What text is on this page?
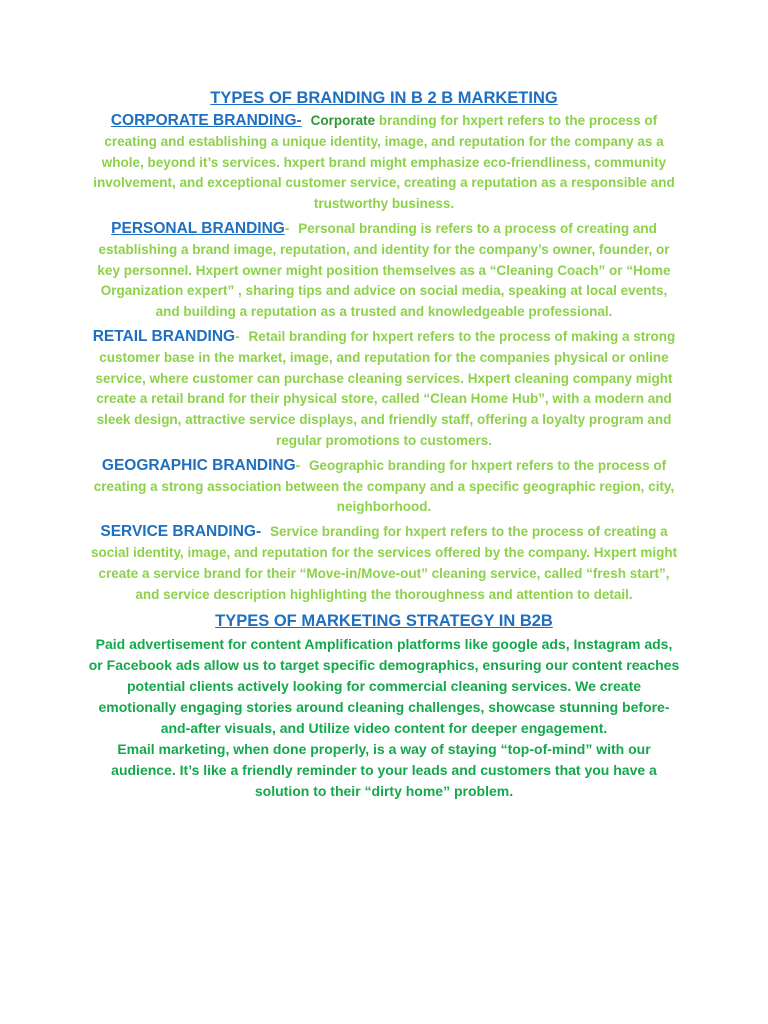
TYPES OF BRANDING IN B 2 B MARKETING
CORPORATE BRANDING- Corporate branding for hxpert refers to the process of creating and establishing a unique identity, image, and reputation for the company as a whole, beyond it’s services. hxpert brand might emphasize eco-friendliness, community involvement, and exceptional customer service, creating a reputation as a responsible and trustworthy business.
PERSONAL BRANDING- Personal branding is refers to a process of creating and establishing a brand image, reputation, and identity for the company’s owner, founder, or key personnel. Hxpert owner might position themselves as a “Cleaning Coach” or “Home Organization expert” , sharing tips and advice on social media, speaking at local events, and building a reputation as a trusted and knowledgeable professional.
RETAIL BRANDING- Retail branding for hxpert refers to the process of making a strong customer base in the market, image, and reputation for the companies physical or online service, where customer can purchase cleaning services. Hxpert cleaning company might create a retail brand for their physical store, called “Clean Home Hub”, with a modern and sleek design, attractive service displays, and friendly staff, offering a loyalty program and regular promotions to customers.
GEOGRAPHIC BRANDING- Geographic branding for hxpert refers to the process of creating a strong association between the company and a specific geographic region, city, neighborhood.
SERVICE BRANDING- Service branding for hxpert refers to the process of creating a social identity, image, and reputation for the services offered by the company. Hxpert might create a service brand for their “Move-in/Move-out” cleaning service, called “fresh start”, and service description highlighting the thoroughness and attention to detail.
TYPES OF MARKETING STRATEGY IN B2B

Paid advertisement for content Amplification platforms like google ads, Instagram ads, or Facebook ads allow us to target specific demographics, ensuring our content reaches potential clients actively looking for commercial cleaning services. We create emotionally engaging stories around cleaning challenges, showcase stunning before-and-after visuals, and Utilize video content for deeper engagement.

Email marketing, when done properly, is a way of staying “top-of-mind” with our audience. It’s like a friendly reminder to your leads and customers that you have a solution to their “dirty home” problem.
